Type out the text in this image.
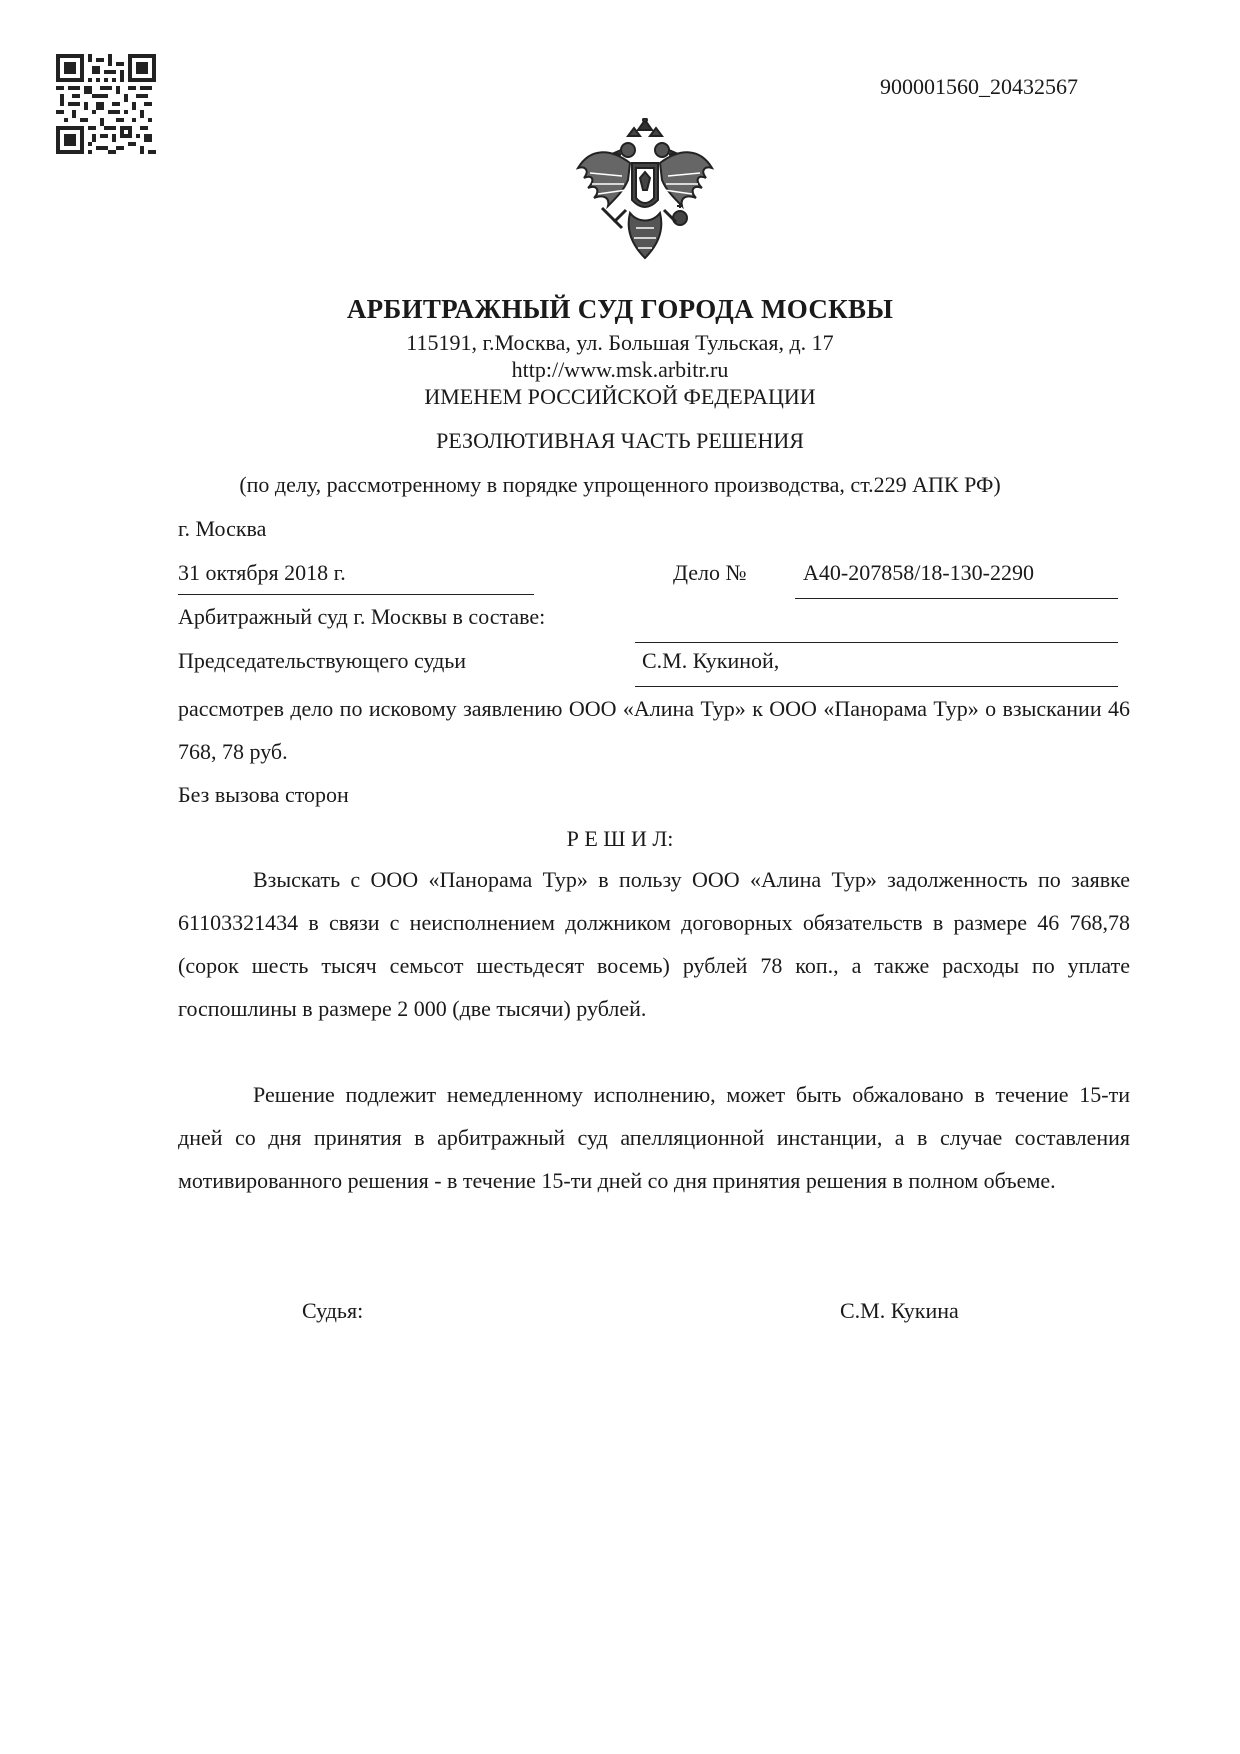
900001560_20432567
АРБИТРАЖНЫЙ СУД ГОРОДА МОСКВЫ
115191, г.Москва, ул. Большая Тульская, д. 17
http://www.msk.arbitr.ru
ИМЕНЕМ РОССИЙСКОЙ ФЕДЕРАЦИИ
РЕЗОЛЮТИВНАЯ ЧАСТЬ РЕШЕНИЯ
(по делу, рассмотренному в порядке упрощенного производства, ст.229 АПК РФ)
г. Москва
31 октября 2018 г.	Дело №	А40-207858/18-130-2290
Арбитражный суд г. Москвы в составе:
Председательствующего судьи	С.М. Кукиной,
рассмотрев дело по исковому заявлению ООО «Алина Тур» к ООО «Панорама Тур» о взыскании 46 768, 78 руб.
Без вызова сторон
Р Е Ш И Л:
Взыскать с ООО «Панорама Тур» в пользу ООО «Алина Тур» задолженность по заявке 61103321434 в связи с неисполнением должником договорных обязательств в размере 46 768,78 (сорок шесть тысяч семьсот шестьдесят восемь) рублей 78 коп., а также расходы по уплате госпошлины в размере 2 000 (две тысячи) рублей.
Решение подлежит немедленному исполнению, может быть обжаловано в течение 15-ти дней со дня принятия в арбитражный суд апелляционной инстанции, а в случае составления мотивированного решения - в течение 15-ти дней со дня принятия решения в полном объеме.
Судья:	С.М. Кукина
